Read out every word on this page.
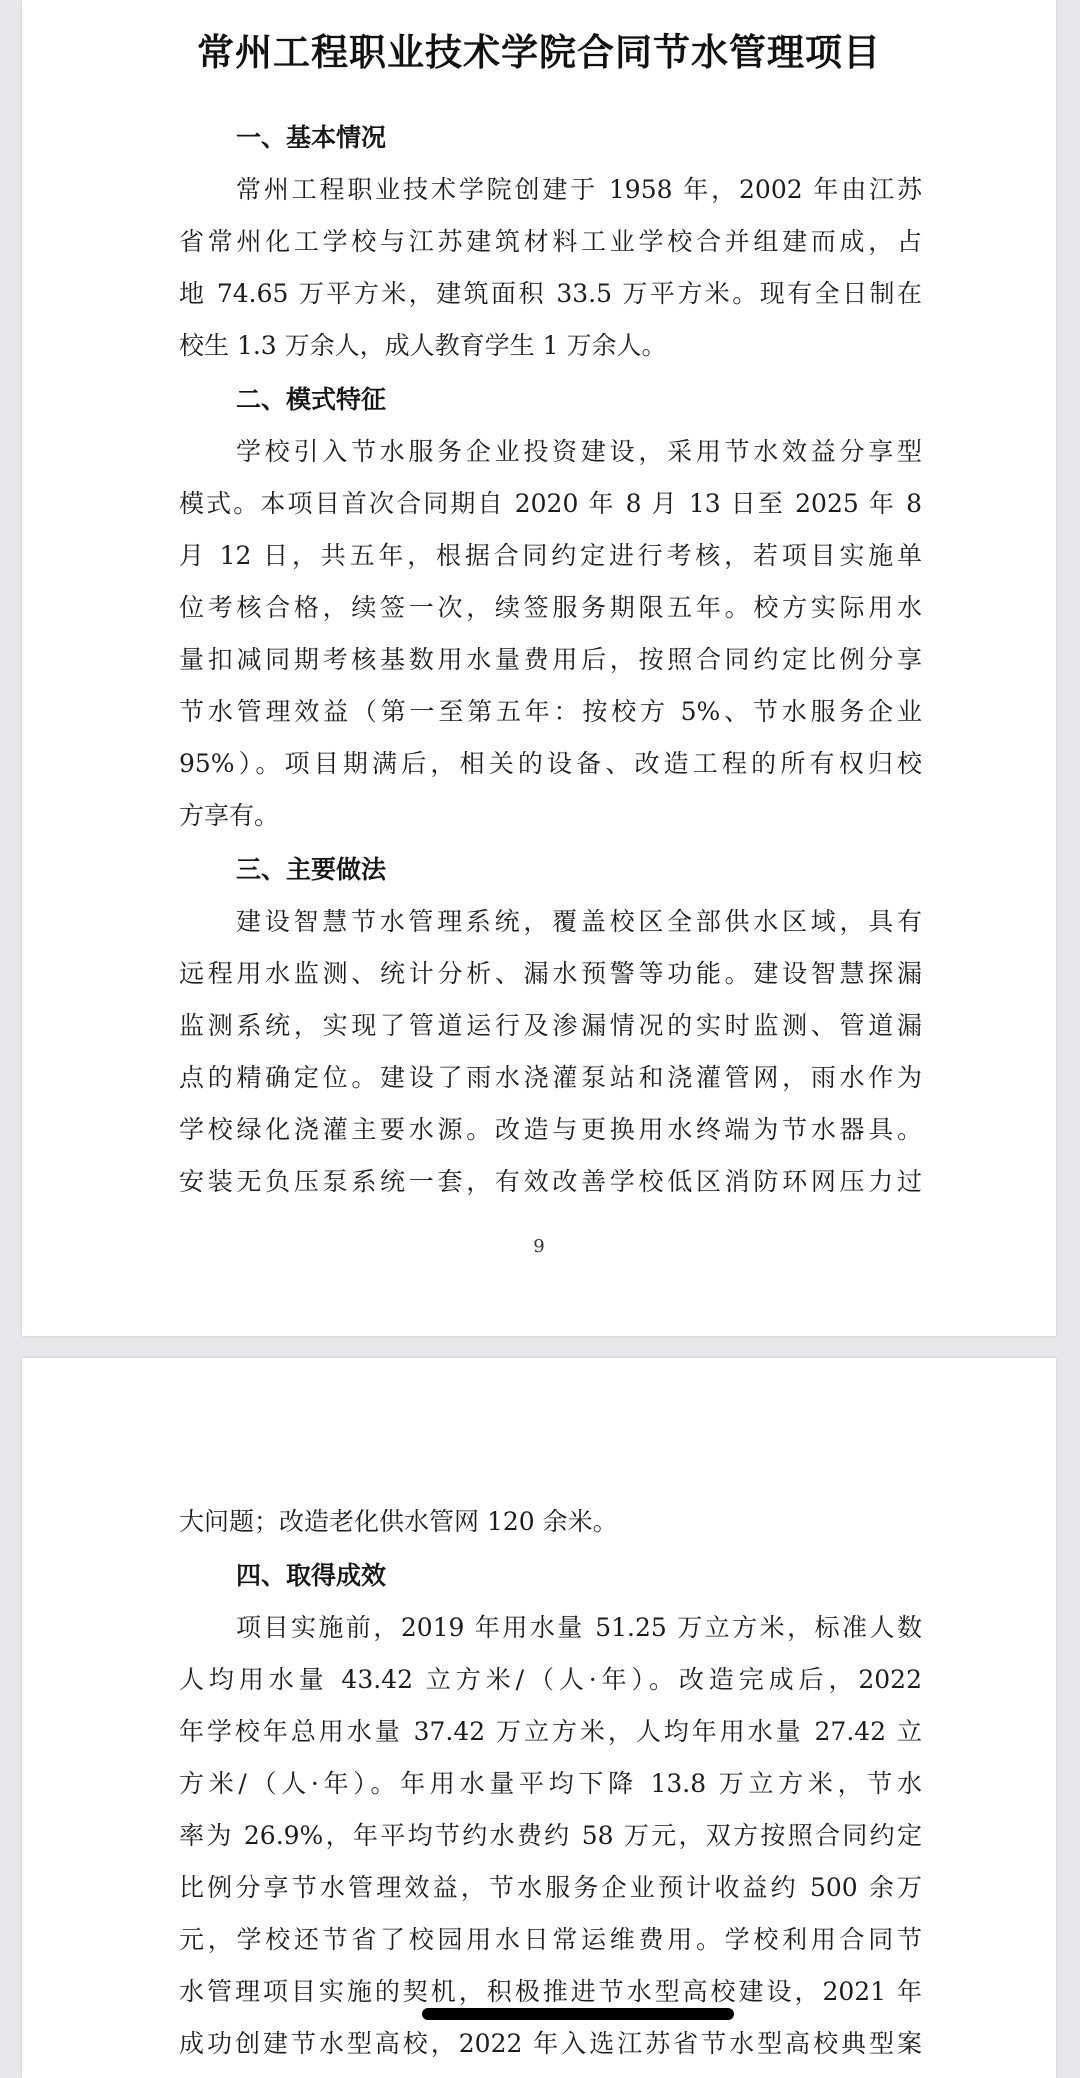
常州工程职业技术学院合同节水管理项目
一、基本情况
常州工程职业技术学院创建于 1958 年，2002 年由江苏
省常州化工学校与江苏建筑材料工业学校合并组建而成，占
地 74.65 万平方米，建筑面积 33.5 万平方米。现有全日制在
校生 1.3 万余人，成人教育学生 1 万余人。
二、模式特征
学校引入节水服务企业投资建设，采用节水效益分享型
模式。本项目首次合同期自 2020 年 8 月 13 日至 2025 年 8
月 12 日，共五年，根据合同约定进行考核，若项目实施单
位考核合格，续签一次，续签服务期限五年。校方实际用水
量扣减同期考核基数用水量费用后，按照合同约定比例分享
节水管理效益（第一至第五年：按校方 5%、节水服务企业
95%）。项目期满后，相关的设备、改造工程的所有权归校
方享有。
三、主要做法
建设智慧节水管理系统，覆盖校区全部供水区域，具有
远程用水监测、统计分析、漏水预警等功能。建设智慧探漏
监测系统，实现了管道运行及渗漏情况的实时监测、管道漏
点的精确定位。建设了雨水浇灌泵站和浇灌管网，雨水作为
学校绿化浇灌主要水源。改造与更换用水终端为节水器具。
安装无负压泵系统一套，有效改善学校低区消防环网压力过
9
大问题；改造老化供水管网 120 余米。
四、取得成效
项目实施前，2019 年用水量 51.25 万立方米，标准人数
人均用水量 43.42 立方米/（人·年）。改造完成后，2022
年学校年总用水量 37.42 万立方米，人均年用水量 27.42 立
方米/（人·年）。年用水量平均下降 13.8 万立方米，节水
率为 26.9%，年平均节约水费约 58 万元，双方按照合同约定
比例分享节水管理效益，节水服务企业预计收益约 500 余万
元，学校还节省了校园用水日常运维费用。学校利用合同节
水管理项目实施的契机，积极推进节水型高校建设，2021 年
成功创建节水型高校，2022 年入选江苏省节水型高校典型案
